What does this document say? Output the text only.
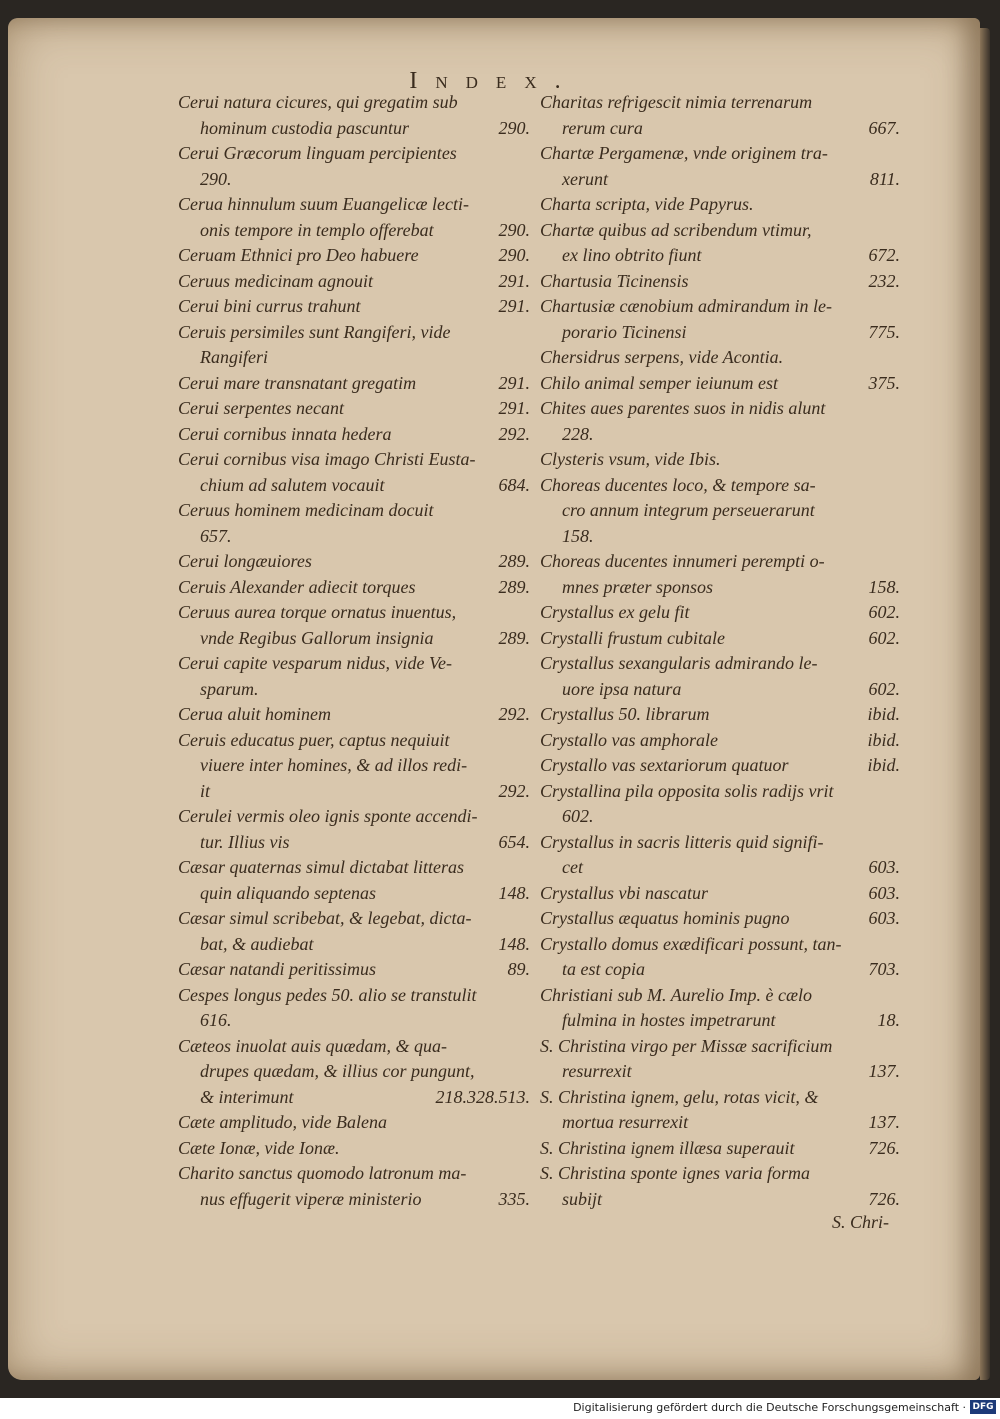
Index.
Cerui natura cicures, qui gregatim sub
hominum custodia pascuntur	290.
Cerui Græcorum linguam percipientes
290.
Cerua hinnulum suum Euangelicæ lecti-
onis tempore in templo offerebat	290.
Ceruam Ethnici pro Deo habuere	290.
Ceruus medicinam agnouit	291.
Cerui bini currus trahunt	291.
Ceruis persimiles sunt Rangiferi, vide
Rangiferi
Cerui mare transnatant gregatim	291.
Cerui serpentes necant	291.
Cerui cornibus innata hedera	292.
Cerui cornibus visa imago Christi Eusta-
chium ad salutem vocauit	684.
Ceruus hominem medicinam docuit
657.
Cerui longæuiores	289.
Ceruis Alexander adiecit torques	289.
Ceruus aurea torque ornatus inuentus,
vnde Regibus Gallorum insignia	289.
Cerui capite vesparum nidus, vide Ve-
sparum.
Cerua aluit hominem	292.
Ceruis educatus puer, captus nequiuit
viuere inter homines, & ad illos redi-
it	292.
Cerulei vermis oleo ignis sponte accendi-
tur. Illius vis	654.
Cæsar quaternas simul dictabat litteras
quin aliquando septenas	148.
Cæsar simul scribebat, & legebat, dicta-
bat, & audiebat	148.
Cæsar natandi peritissimus	89.
Cespes longus pedes 50. alio se transtulit
616.
Cæteos inuolat auis quædam, & qua-
drupes quædam, & illius cor pungunt,
& interimunt	218.328.513.
Cæte amplitudo, vide Balena
Cæte Ionæ, vide Ionæ.
Charito sanctus quomodo latronum ma-
nus effugerit viperæ ministerio	335.
Charitas refrigescit nimia terrenarum
rerum cura	667.
Chartæ Pergamenæ, vnde originem tra-
xerunt	811.
Charta scripta, vide Papyrus.
Chartæ quibus ad scribendum vtimur,
ex lino obtrito fiunt	672.
Chartusia Ticinensis	232.
Chartusiæ cænobium admirandum in le-
porario Ticinensi	775.
Chersidrus serpens, vide Acontia.
Chilo animal semper ieiunum est	375.
Chites aues parentes suos in nidis alunt
228.
Clysteris vsum, vide Ibis.
Choreas ducentes loco, & tempore sa-
cro annum integrum perseuerarunt
158.
Choreas ducentes innumeri perempti o-
mnes præter sponsos	158.
Crystallus ex gelu fit	602.
Crystalli frustum cubitale	602.
Crystallus sexangularis admirando le-
uore ipsa natura	602.
Crystallus 50. librarum	ibid.
Crystallo vas amphorale	ibid.
Crystallo vas sextariorum quatuor	ibid.
Crystallina pila opposita solis radijs vrit
602.
Crystallus in sacris litteris quid signifi-
cet	603.
Crystallus vbi nascatur	603.
Crystallus æquatus hominis pugno	603.
Crystallo domus exædificari possunt, tan-
ta est copia	703.
Christiani sub M. Aurelio Imp. è cælo
fulmina in hostes impetrarunt	18.
S. Christina virgo per Missæ sacrificium
resurrexit	137.
S. Christina ignem, gelu, rotas vicit, &
mortua resurrexit	137.
S. Christina ignem illæsa superauit	726.
S. Christina sponte ignes varia forma
subijt	726.
S. Chri-
Digitalisierung gefördert durch die Deutsche Forschungsgemeinschaft · DFG
